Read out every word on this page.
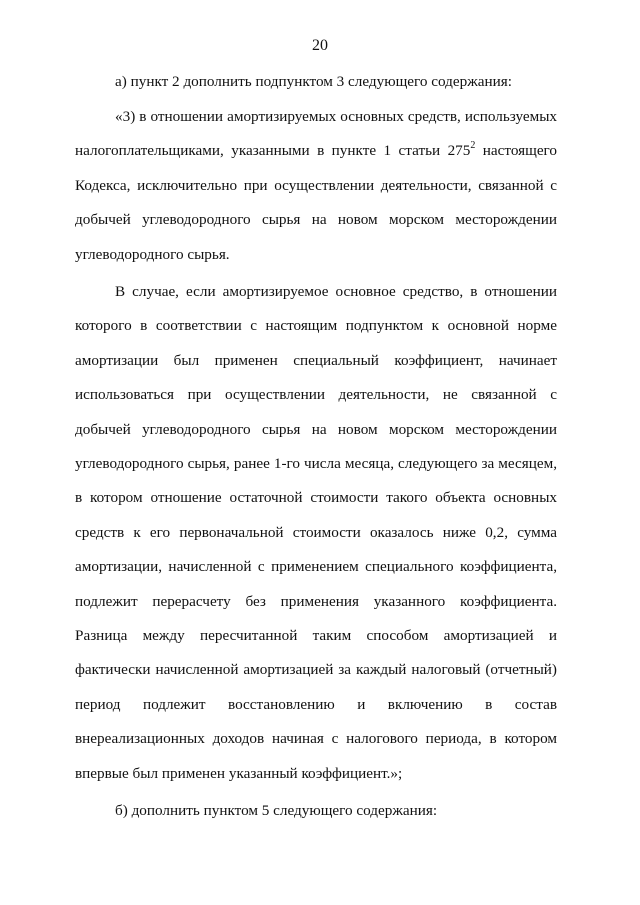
20

а) пункт 2 дополнить подпунктом 3 следующего содержания:

«3) в отношении амортизируемых основных средств, используемых налогоплательщиками, указанными в пункте 1 статьи $275^2$ настоящего Кодекса, исключительно при осуществлении деятельности, связанной с добычей углеводородного сырья на новом морском месторождении углеводородного сырья.

В случае, если амортизируемое основное средство, в отношении которого в соответствии с настоящим подпунктом к основной норме амортизации был применен специальный коэффициент, начинает использоваться при осуществлении деятельности, не связанной с добычей углеводородного сырья на новом морском месторождении углеводородного сырья, ранее 1-го числа месяца, следующего за месяцем, в котором отношение остаточной стоимости такого объекта основных средств к его первоначальной стоимости оказалось ниже 0,2, сумма амортизации, начисленной с применением специального коэффициента, подлежит перерасчету без применения указанного коэффициента. Разница между пересчитанной таким способом амортизацией и фактически начисленной амортизацией за каждый налоговый (отчетный) период подлежит восстановлению и включению в состав внереализационных доходов начиная с налогового периода, в котором впервые был применен указанный коэффициент.»;

б) дополнить пунктом 5 следующего содержания:
